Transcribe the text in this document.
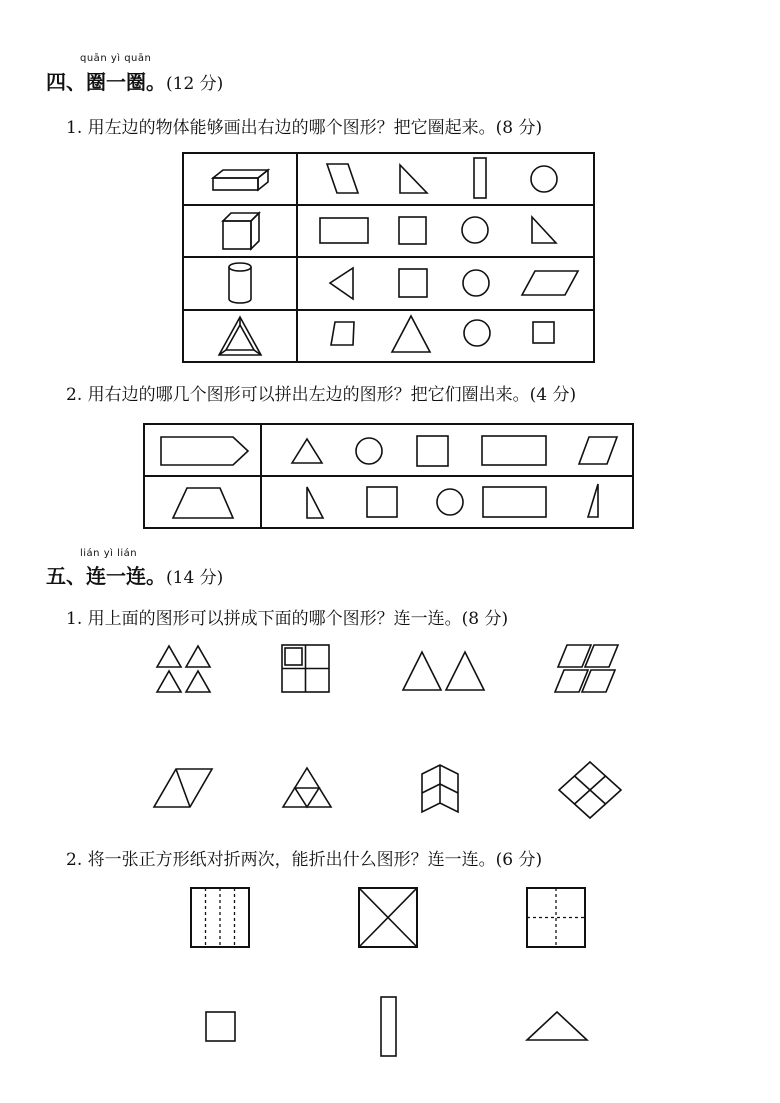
quān yì quān
四、圈一圈。(12 分)
1. 用左边的物体能够画出右边的哪个图形？把它圈起来。(8 分)
2. 用右边的哪几个图形可以拼出左边的图形？把它们圈出来。(4 分)
lián yì lián
五、连一连。(14 分)
1. 用上面的图形可以拼成下面的哪个图形？连一连。(8 分)
2. 将一张正方形纸对折两次，能折出什么图形？连一连。(6 分)
